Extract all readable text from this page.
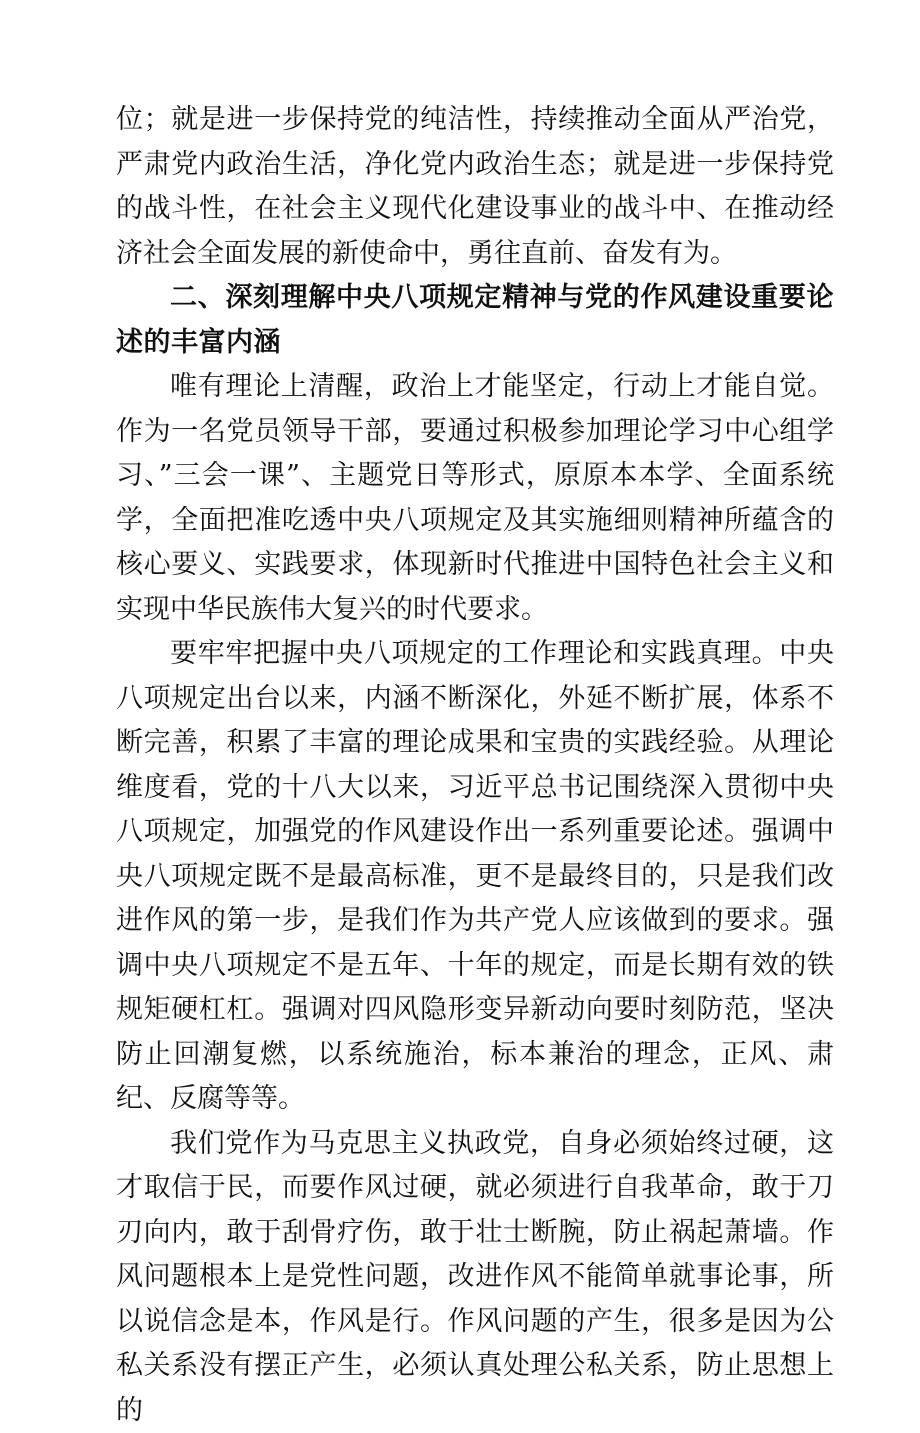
位；就是进一步保持党的纯洁性，持续推动全面从严治党，严肃党内政治生活，净化党内政治生态；就是进一步保持党的战斗性，在社会主义现代化建设事业的战斗中、在推动经济社会全面发展的新使命中，勇往直前、奋发有为。

二、深刻理解中央八项规定精神与党的作风建设重要论述的丰富内涵

唯有理论上清醒，政治上才能坚定，行动上才能自觉。作为一名党员领导干部，要通过积极参加理论学习中心组学习、”三会一课”、主题党日等形式，原原本本学、全面系统学，全面把准吃透中央八项规定及其实施细则精神所蕴含的核心要义、实践要求，体现新时代推进中国特色社会主义和实现中华民族伟大复兴的时代要求。

要牢牢把握中央八项规定的工作理论和实践真理。中央八项规定出台以来，内涵不断深化，外延不断扩展，体系不断完善，积累了丰富的理论成果和宝贵的实践经验。从理论维度看，党的十八大以来，习近平总书记围绕深入贯彻中央八项规定，加强党的作风建设作出一系列重要论述。强调中央八项规定既不是最高标准，更不是最终目的，只是我们改进作风的第一步，是我们作为共产党人应该做到的要求。强调中央八项规定不是五年、十年的规定，而是长期有效的铁规矩硬杠杠。强调对四风隐形变异新动向要时刻防范，坚决防止回潮复燃，以系统施治，标本兼治的理念，正风、肃纪、反腐等等。

我们党作为马克思主义执政党，自身必须始终过硬，这才取信于民，而要作风过硬，就必须进行自我革命，敢于刀刃向内，敢于刮骨疗伤，敢于壮士断腕，防止祸起萧墙。作风问题根本上是党性问题，改进作风不能简单就事论事，所以说信念是本，作风是行。作风问题的产生，很多是因为公私关系没有摆正产生，必须认真处理公私关系，防止思想上的
